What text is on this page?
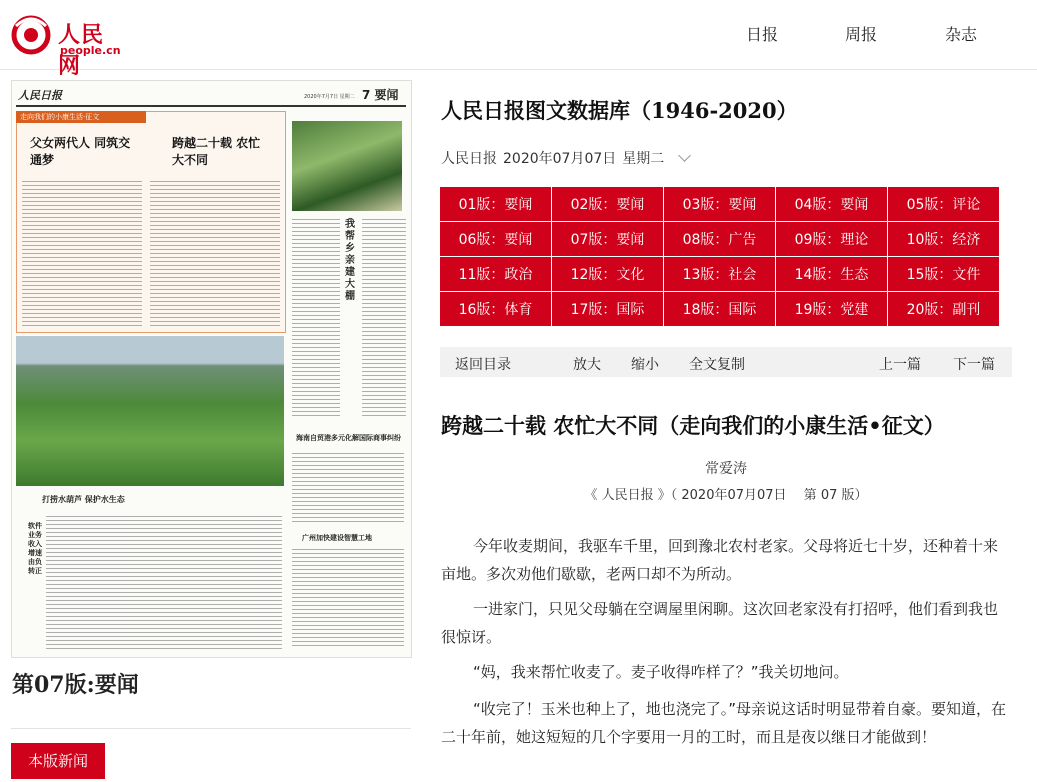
人民网
people.cn
日报	周报	杂志
人民日报	2020年7月7日 星期二 7 要闻
走向我们的小康生活·征文
父女两代人 同筑交通梦
跨越二十载 农忙大不同
我帮乡亲建大棚
打捞水葫芦 保护水生态
海南自贸港多元化解国际商事纠纷
广州加快建设智慧工地
软件业务收入增速由负转正
第07版:要闻
本版新闻
人民日报图文数据库（1946-2020）
人民日报 2020年07月07日 星期二
01版：要闻	02版：要闻	03版：要闻	04版：要闻	05版：评论
06版：要闻	07版：要闻	08版：广告	09版：理论	10版：经济
11版：政治	12版：文化	13版：社会	14版：生态	15版：文件
16版：体育	17版：国际	18版：国际	19版：党建	20版：副刊
返回目录	放大 缩小 全文复制	上一篇 下一篇
跨越二十载 农忙大不同（走向我们的小康生活•征文）
常爱涛
《 人民日报 》（ 2020年07月07日 　第 07 版）

今年收麦期间，我驱车千里，回到豫北农村老家。父母将近七十岁，还种着十来亩地。多次劝他们歇歇，老两口却不为所动。

一进家门，只见父母躺在空调屋里闲聊。这次回老家没有打招呼，他们看到我也很惊讶。

“妈，我来帮忙收麦了。麦子收得咋样了？”我关切地问。

“收完了！玉米也种上了，地也浇完了。”母亲说这话时明显带着自豪。要知道，在二十年前，她这短短的几个字要用一月的工时，而且是夜以继日才能做到！
